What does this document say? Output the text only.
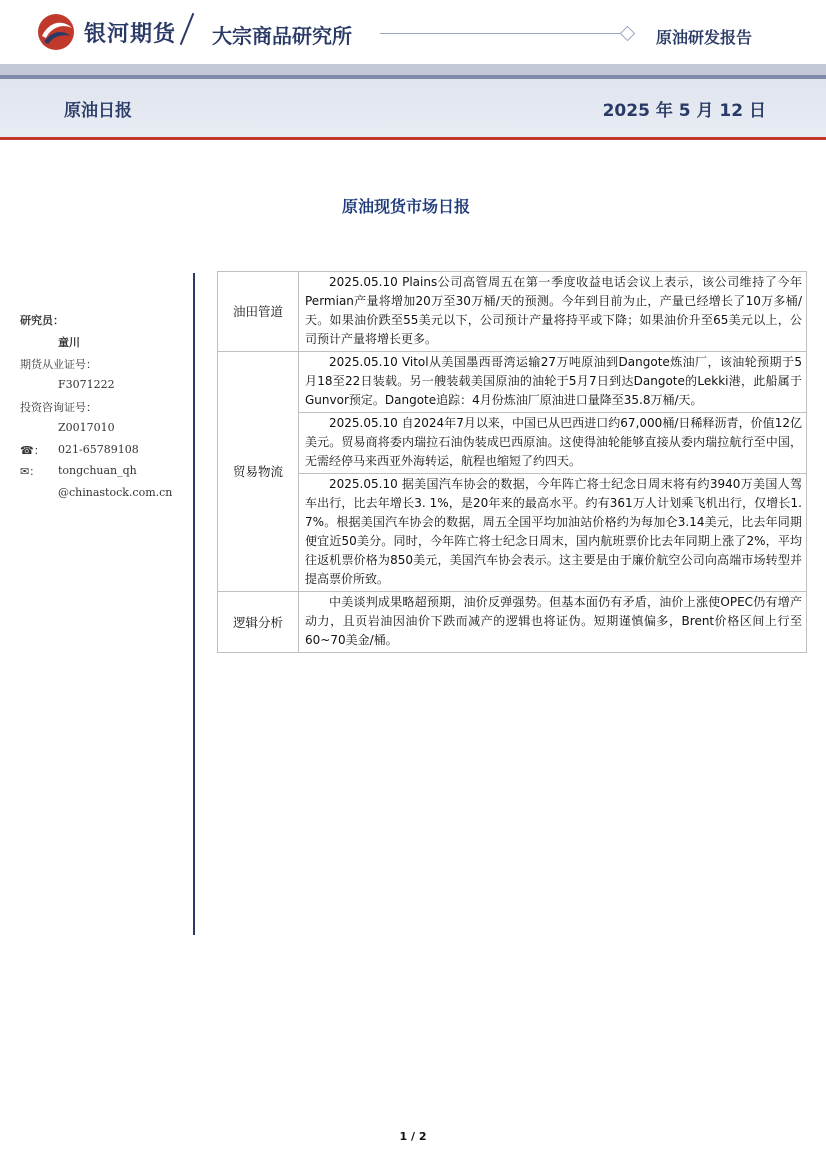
银河期货 大宗商品研究所	原油研发报告
原油日报	2025 年 5 月 12 日
原油现货市场日报
研究员：
童川
期货从业证号：
F3071222
投资咨询证号：
Z0017010
☎： 021-65789108
✉： tongchuan_qh
@chinastock.com.cn
油田管道	2025.05.10 Plains公司高管周五在第一季度收益电话会议上表示，该公司维持了今年Permian产量将增加20万至30万桶/天的预测。今年到目前为止，产量已经增长了10万多桶/天。如果油价跌至55美元以下，公司预计产量将持平或下降；如果油价升至65美元以上，公司预计产量将增长更多。
贸易物流	2025.05.10 Vitol从美国墨西哥湾运输27万吨原油到Dangote炼油厂，该油轮预期于5月18至22日装载。另一艘装载美国原油的油轮于5月7日到达Dangote的Lekki港，此船属于Gunvor预定。Dangote追踪：4月份炼油厂原油进口量降至35.8万桶/天。
	2025.05.10 自2024年7月以来，中国已从巴西进口约67,000桶/日稀释沥青，价值12亿美元。贸易商将委内瑞拉石油伪装成巴西原油。这使得油轮能够直接从委内瑞拉航行至中国，无需经停马来西亚外海转运，航程也缩短了约四天。
	2025.05.10 据美国汽车协会的数据，今年阵亡将士纪念日周末将有约3940万美国人驾车出行，比去年增长3. 1%，是20年来的最高水平。约有361万人计划乘飞机出行，仅增长1. 7%。根据美国汽车协会的数据，周五全国平均加油站价格约为每加仑3.14美元，比去年同期便宜近50美分。同时，今年阵亡将士纪念日周末，国内航班票价比去年同期上涨了2%，平均往返机票价格为850美元，美国汽车协会表示。这主要是由于廉价航空公司向高端市场转型并提高票价所致。
逻辑分析	中美谈判成果略超预期，油价反弹强势。但基本面仍有矛盾，油价上涨使OPEC仍有增产动力，且页岩油因油价下跌而减产的逻辑也将证伪。短期谨慎偏多，Brent价格区间上行至60~70美金/桶。
1 / 2
